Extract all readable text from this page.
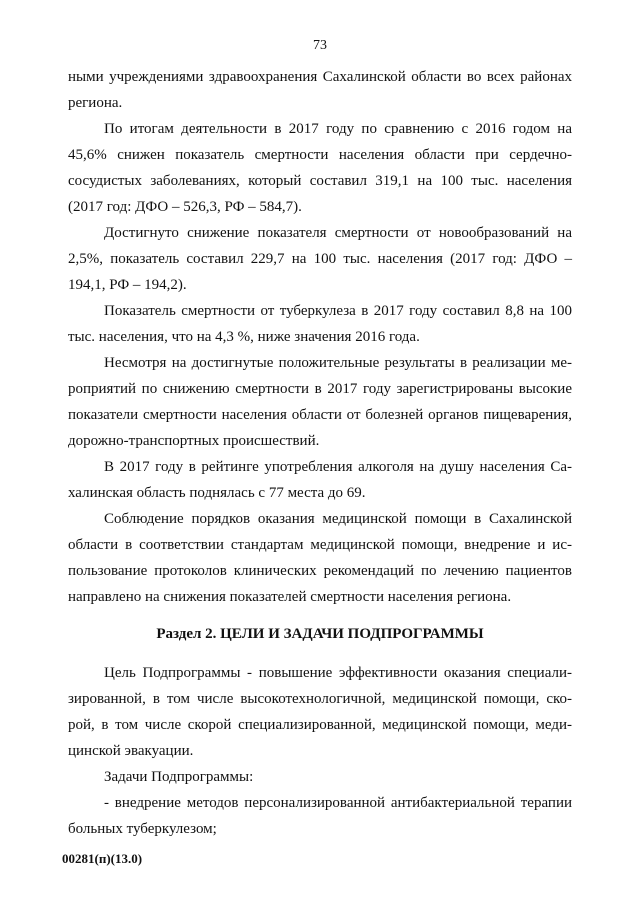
73
ными учреждениями здравоохранения Сахалинской области во всех районах
региона.
По итогам деятельности в 2017 году по сравнению с 2016 годом на
45,6% снижен показатель смертности населения области при сердечно-
сосудистых заболеваниях, который составил 319,1 на 100 тыс. населения
(2017 год: ДФО – 526,3, РФ – 584,7).
Достигнуто снижение показателя смертности от новообразований на
2,5%, показатель составил 229,7 на 100 тыс. населения (2017 год: ДФО –
194,1, РФ – 194,2).
Показатель смертности от туберкулеза в 2017 году составил 8,8 на 100
тыс. населения, что на 4,3 %, ниже значения 2016 года.
Несмотря на достигнутые положительные результаты в реализации ме-
роприятий по снижению смертности в 2017 году зарегистрированы высокие
показатели смертности населения области от болезней органов пищеварения,
дорожно-транспортных происшествий.
В 2017 году в рейтинге употребления алкоголя на душу населения Са-
халинская область поднялась с 77 места до 69.
Соблюдение порядков оказания медицинской помощи в Сахалинской
области в соответствии стандартам медицинской помощи, внедрение и ис-
пользование протоколов клинических рекомендаций по лечению пациентов
направлено на снижения показателей смертности населения региона.
Раздел 2. ЦЕЛИ И ЗАДАЧИ ПОДПРОГРАММЫ
Цель Подпрограммы - повышение эффективности оказания специали-
зированной, в том числе высокотехнологичной, медицинской помощи, ско-
рой, в том числе скорой специализированной, медицинской помощи, меди-
цинской эвакуации.
Задачи Подпрограммы:
- внедрение методов персонализированной антибактериальной терапии
больных туберкулезом;
00281(п)(13.0)
